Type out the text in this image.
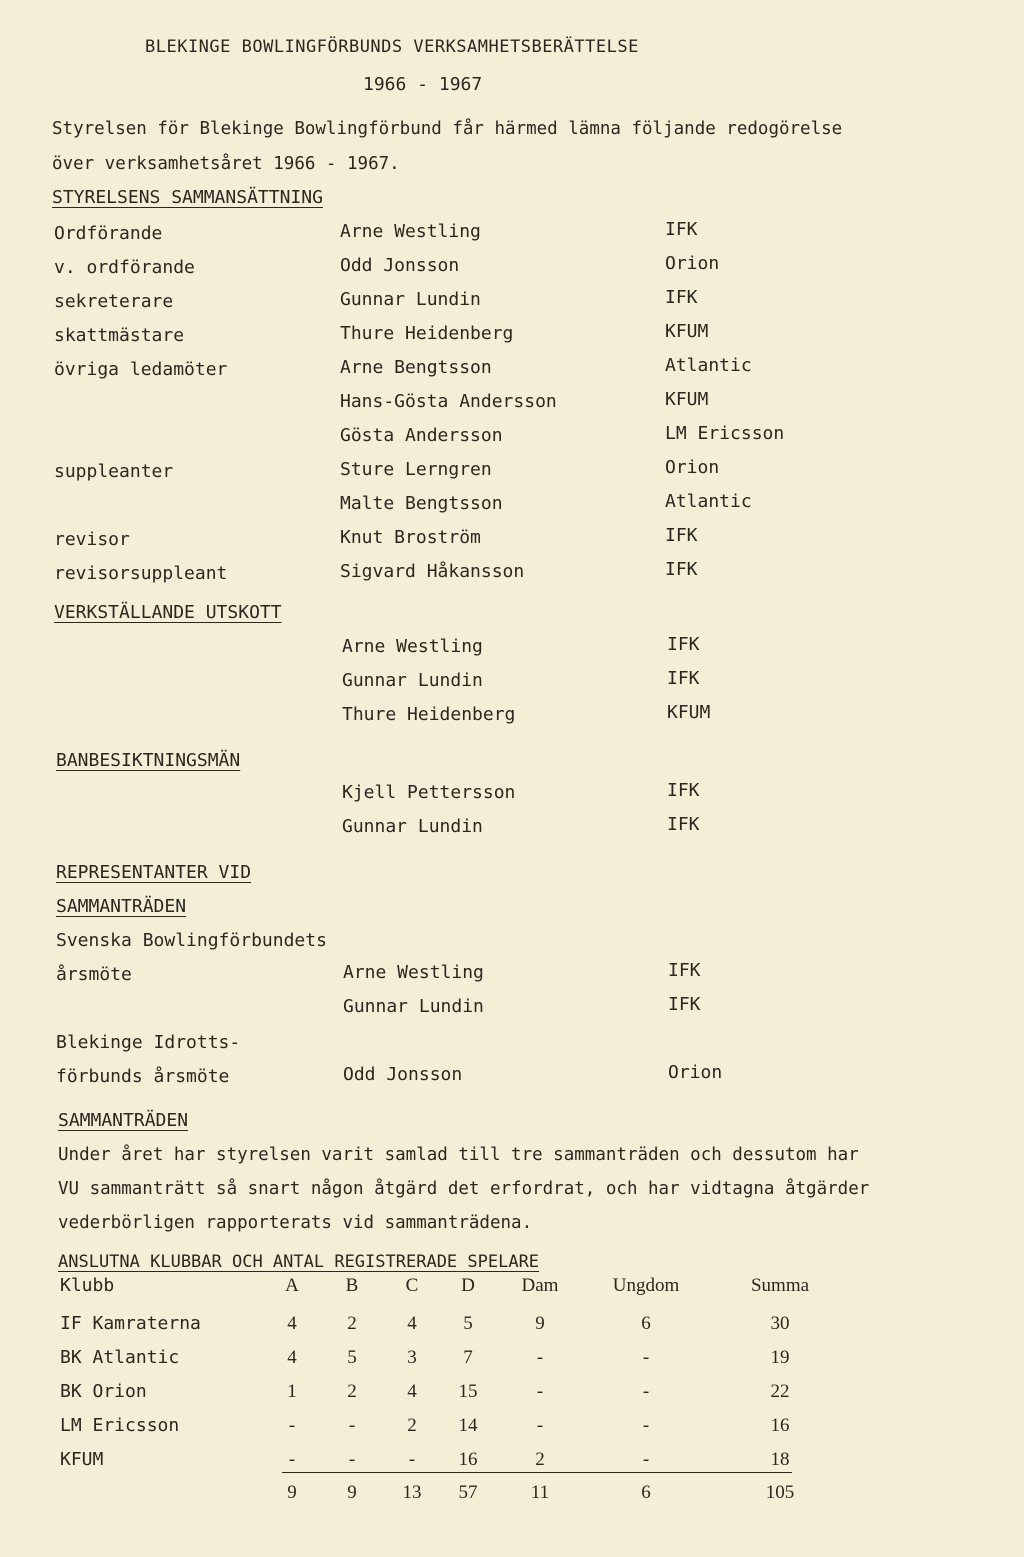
BLEKINGE BOWLINGFÖRBUNDS VERKSAMHETSBERÄTTELSE
1966 - 1967
Styrelsen för Blekinge Bowlingförbund får härmed lämna följande redogörelse
över verksamhetsåret 1966 - 1967.
STYRELSENS SAMMANSÄTTNING
Ordförande	Arne Westling	IFK
v. ordförande	Odd Jonsson	Orion
sekreterare	Gunnar Lundin	IFK
skattmästare	Thure Heidenberg	KFUM
övriga ledamöter	Arne Bengtsson	Atlantic
Hans-Gösta Andersson	KFUM
Gösta Andersson	LM Ericsson
suppleanter	Sture Lerngren	Orion
Malte Bengtsson	Atlantic
revisor	Knut Broström	IFK
revisorsuppleant	Sigvard Håkansson	IFK
VERKSTÄLLANDE UTSKOTT
Arne Westling	IFK
Gunnar Lundin	IFK
Thure Heidenberg	KFUM
BANBESIKTNINGSMÄN
Kjell Pettersson	IFK
Gunnar Lundin	IFK
REPRESENTANTER VID
SAMMANTRÄDEN
Svenska Bowlingförbundets
årsmöte	Arne Westling	IFK
Gunnar Lundin	IFK
Blekinge Idrotts-
förbunds årsmöte	Odd Jonsson	Orion
SAMMANTRÄDEN
Under året har styrelsen varit samlad till tre sammanträden och dessutom har
VU sammanträtt så snart någon åtgärd det erfordrat, och har vidtagna åtgärder
vederbörligen rapporterats vid sammanträdena.
ANSLUTNA KLUBBAR OCH ANTAL REGISTRERADE SPELARE
Klubb	A	B	C	D	Dam	Ungdom	Summa
IF Kamraterna	4	2	4	5	9	6	30
BK Atlantic	4	5	3	7	-	-	19
BK Orion	1	2	4	15	-	-	22
LM Ericsson	-	-	2	14	-	-	16
KFUM	-	-	-	16	2	-	18
9	9	13	57	11	6	105
